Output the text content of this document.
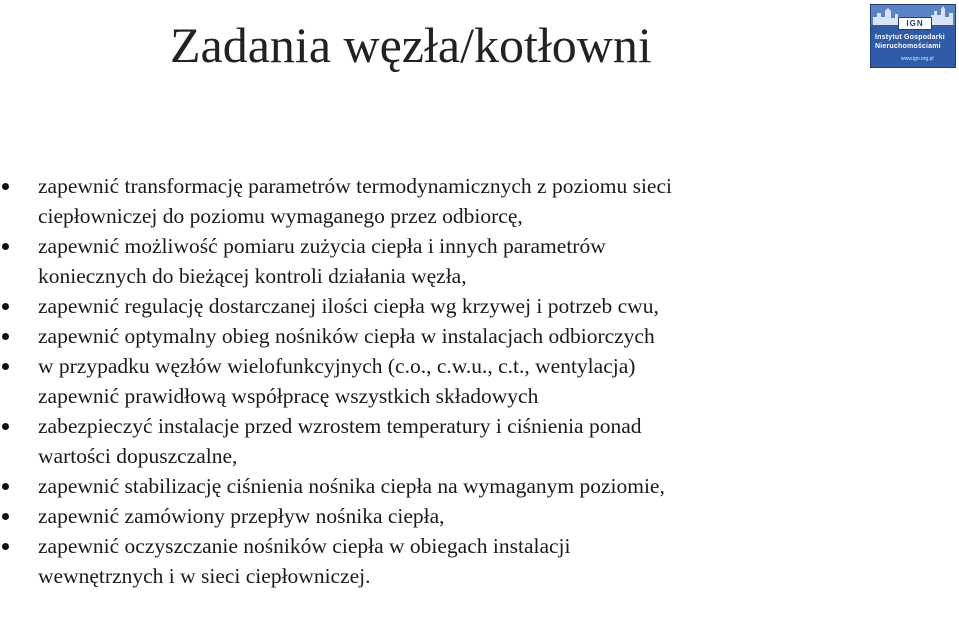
Zadania węzła/kotłowni	IGN
Instytut Gospodarki
Nieruchomościami
www.ign.org.pl
zapewnić transformację parametrów termodynamicznych z poziomu sieci
ciepłowniczej do poziomu wymaganego przez odbiorcę,
zapewnić możliwość pomiaru zużycia ciepła i innych parametrów
koniecznych do bieżącej kontroli działania węzła,
zapewnić regulację dostarczanej ilości ciepła wg krzywej i potrzeb cwu,
zapewnić optymalny obieg nośników ciepła w instalacjach odbiorczych
w przypadku węzłów wielofunkcyjnych (c.o., c.w.u., c.t., wentylacja)
zapewnić prawidłową współpracę wszystkich składowych
zabezpieczyć instalacje przed wzrostem temperatury i ciśnienia ponad
wartości dopuszczalne,
zapewnić stabilizację ciśnienia nośnika ciepła na wymaganym poziomie,
zapewnić zamówiony przepływ nośnika ciepła,
zapewnić oczyszczanie nośników ciepła w obiegach instalacji
wewnętrznych i w sieci ciepłowniczej.
